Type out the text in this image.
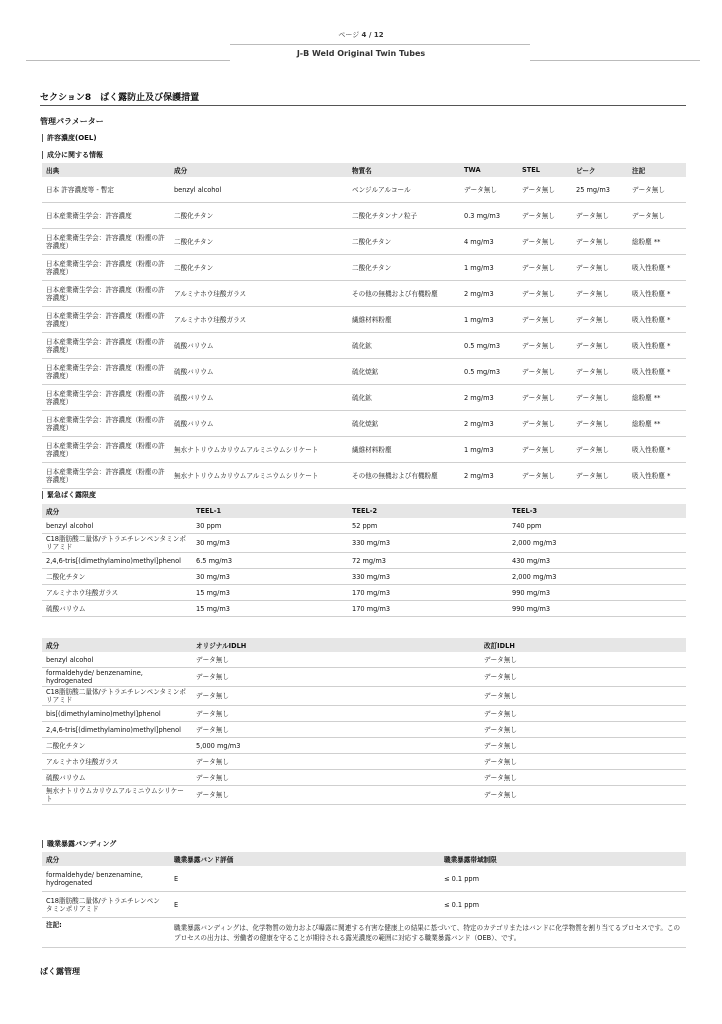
ページ 4 / 12
J-B Weld Original Twin Tubes
セクション8　ばく露防止及び保護措置
管理パラメーター
許容濃度(OEL)
成分に関する情報
出典	成分	物質名	TWA	STEL	ピーク	注記
日本 許容濃度等 - 暫定	benzyl alcohol	ベンジルアルコール	データ無し	データ無し	25 mg/m3	データ無し
日本産業衛生学会：許容濃度	二酸化チタン	二酸化チタンナノ粒子	0.3 mg/m3	データ無し	データ無し	データ無し
日本産業衛生学会：許容濃度（粉塵の許容濃度）	二酸化チタン	二酸化チタン	4 mg/m3	データ無し	データ無し	総粉塵 **
日本産業衛生学会：許容濃度（粉塵の許容濃度）	二酸化チタン	二酸化チタン	1 mg/m3	データ無し	データ無し	吸入性粉塵 *
日本産業衛生学会：許容濃度（粉塵の許容濃度）	アルミナホウ珪酸ガラス	その他の無機および有機粉塵	2 mg/m3	データ無し	データ無し	吸入性粉塵 *
日本産業衛生学会：許容濃度（粉塵の許容濃度）	アルミナホウ珪酸ガラス	繊維材料粉塵	1 mg/m3	データ無し	データ無し	吸入性粉塵 *
日本産業衛生学会：許容濃度（粉塵の許容濃度）	硫酸バリウム	硫化鉱	0.5 mg/m3	データ無し	データ無し	吸入性粉塵 *
日本産業衛生学会：許容濃度（粉塵の許容濃度）	硫酸バリウム	硫化焼鉱	0.5 mg/m3	データ無し	データ無し	吸入性粉塵 *
日本産業衛生学会：許容濃度（粉塵の許容濃度）	硫酸バリウム	硫化鉱	2 mg/m3	データ無し	データ無し	総粉塵 **
日本産業衛生学会：許容濃度（粉塵の許容濃度）	硫酸バリウム	硫化焼鉱	2 mg/m3	データ無し	データ無し	総粉塵 **
日本産業衛生学会：許容濃度（粉塵の許容濃度）	無水ナトリウムカリウムアルミニウムシリケート	繊維材料粉塵	1 mg/m3	データ無し	データ無し	吸入性粉塵 *
日本産業衛生学会：許容濃度（粉塵の許容濃度）	無水ナトリウムカリウムアルミニウムシリケート	その他の無機および有機粉塵	2 mg/m3	データ無し	データ無し	吸入性粉塵 *
緊急ばく露限度
成分	TEEL-1	TEEL-2	TEEL-3
benzyl alcohol	30 ppm	52 ppm	740 ppm
C18脂肪酸二量体/テトラエチレンペンタミンポリアミド	30 mg/m3	330 mg/m3	2,000 mg/m3
2,4,6-tris[(dimethylamino)methyl]phenol	6.5 mg/m3	72 mg/m3	430 mg/m3
二酸化チタン	30 mg/m3	330 mg/m3	2,000 mg/m3
アルミナホウ珪酸ガラス	15 mg/m3	170 mg/m3	990 mg/m3
硫酸バリウム	15 mg/m3	170 mg/m3	990 mg/m3
成分	オリジナルIDLH	改訂IDLH
benzyl alcohol	データ無し	データ無し
formaldehyde/ benzenamine, hydrogenated	データ無し	データ無し
C18脂肪酸二量体/テトラエチレンペンタミンポリアミド	データ無し	データ無し
bis[(dimethylamino)methyl]phenol	データ無し	データ無し
2,4,6-tris[(dimethylamino)methyl]phenol	データ無し	データ無し
二酸化チタン	5,000 mg/m3	データ無し
アルミナホウ珪酸ガラス	データ無し	データ無し
硫酸バリウム	データ無し	データ無し
無水ナトリウムカリウムアルミニウムシリケート	データ無し	データ無し
職業暴露バンディング
成分	職業暴露バンド評価	職業暴露帯域制限
formaldehyde/ benzenamine, hydrogenated	E	≤ 0.1 ppm
C18脂肪酸二量体/テトラエチレンペンタミンポリアミド	E	≤ 0.1 ppm
注記:	職業暴露バンディングは、化学物質の効力および曝露に関連する有害な健康上の結果に基づいて、特定のカテゴリまたはバンドに化学物質を割り当てるプロセスです。このプロセスの出力は、労働者の健康を守ることが期待される露光濃度の範囲に対応する職業暴露バンド（OEB）、です。	
ばく露管理
